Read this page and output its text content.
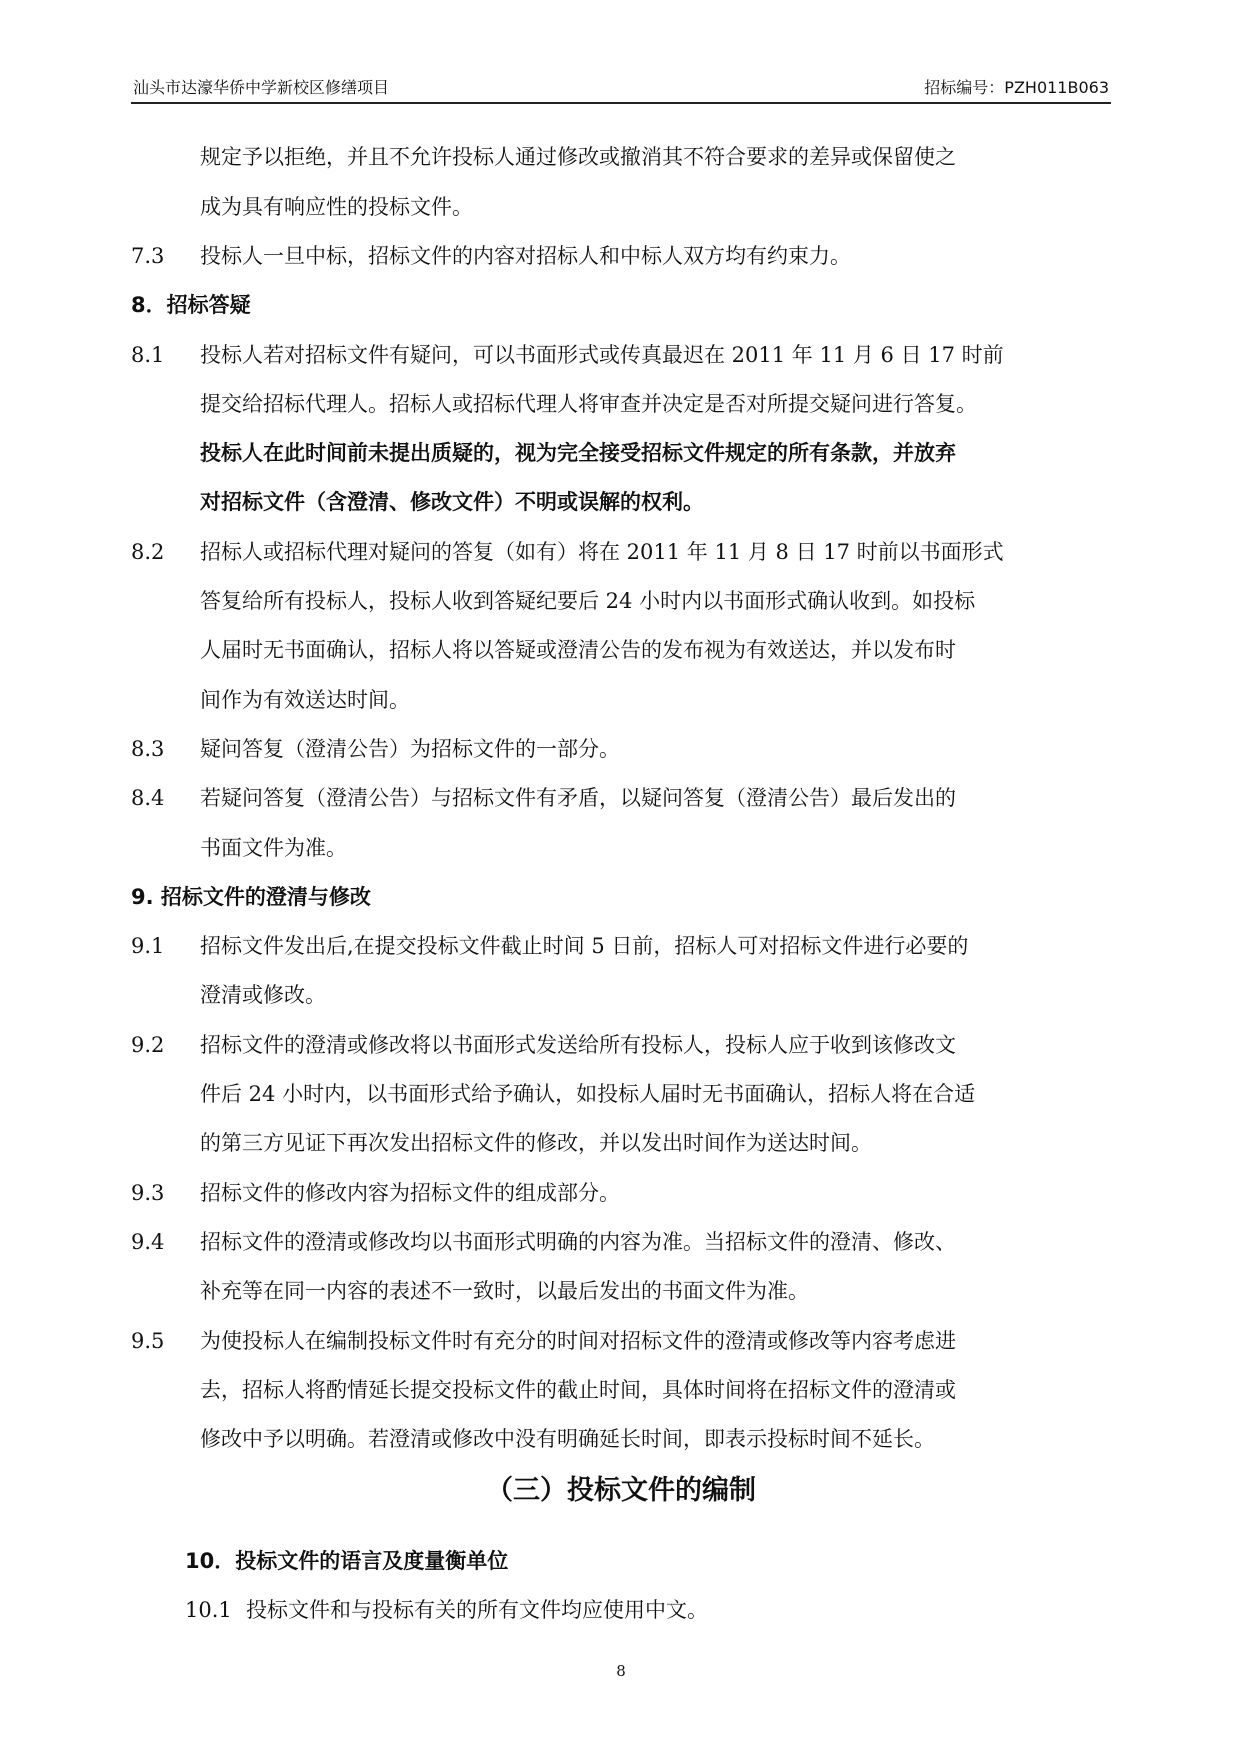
汕头市达濠华侨中学新校区修缮项目	招标编号：PZH011B063
规定予以拒绝，并且不允许投标人通过修改或撤消其不符合要求的差异或保留使之
成为具有响应性的投标文件。
7.3 投标人一旦中标，招标文件的内容对招标人和中标人双方均有约束力。
8．招标答疑
8.1 投标人若对招标文件有疑问，可以书面形式或传真最迟在 2011 年 11 月 6 日 17 时前
提交给招标代理人。招标人或招标代理人将审查并决定是否对所提交疑问进行答复。
投标人在此时间前未提出质疑的，视为完全接受招标文件规定的所有条款，并放弃
对招标文件（含澄清、修改文件）不明或误解的权利。
8.2 招标人或招标代理对疑问的答复（如有）将在 2011 年 11 月 8 日 17 时前以书面形式
答复给所有投标人，投标人收到答疑纪要后 24 小时内以书面形式确认收到。如投标
人届时无书面确认，招标人将以答疑或澄清公告的发布视为有效送达，并以发布时
间作为有效送达时间。
8.3 疑问答复（澄清公告）为招标文件的一部分。
8.4 若疑问答复（澄清公告）与招标文件有矛盾，以疑问答复（澄清公告）最后发出的
书面文件为准。
9. 招标文件的澄清与修改
9.1 招标文件发出后,在提交投标文件截止时间 5 日前，招标人可对招标文件进行必要的
澄清或修改。
9.2 招标文件的澄清或修改将以书面形式发送给所有投标人，投标人应于收到该修改文
件后 24 小时内，以书面形式给予确认，如投标人届时无书面确认，招标人将在合适
的第三方见证下再次发出招标文件的修改，并以发出时间作为送达时间。
9.3 招标文件的修改内容为招标文件的组成部分。
9.4 招标文件的澄清或修改均以书面形式明确的内容为准。当招标文件的澄清、修改、
补充等在同一内容的表述不一致时，以最后发出的书面文件为准。
9.5 为使投标人在编制投标文件时有充分的时间对招标文件的澄清或修改等内容考虑进
去，招标人将酌情延长提交投标文件的截止时间，具体时间将在招标文件的澄清或
修改中予以明确。若澄清或修改中没有明确延长时间，即表示投标时间不延长。
（三）投标文件的编制
10．投标文件的语言及度量衡单位
10.1 投标文件和与投标有关的所有文件均应使用中文。
8
